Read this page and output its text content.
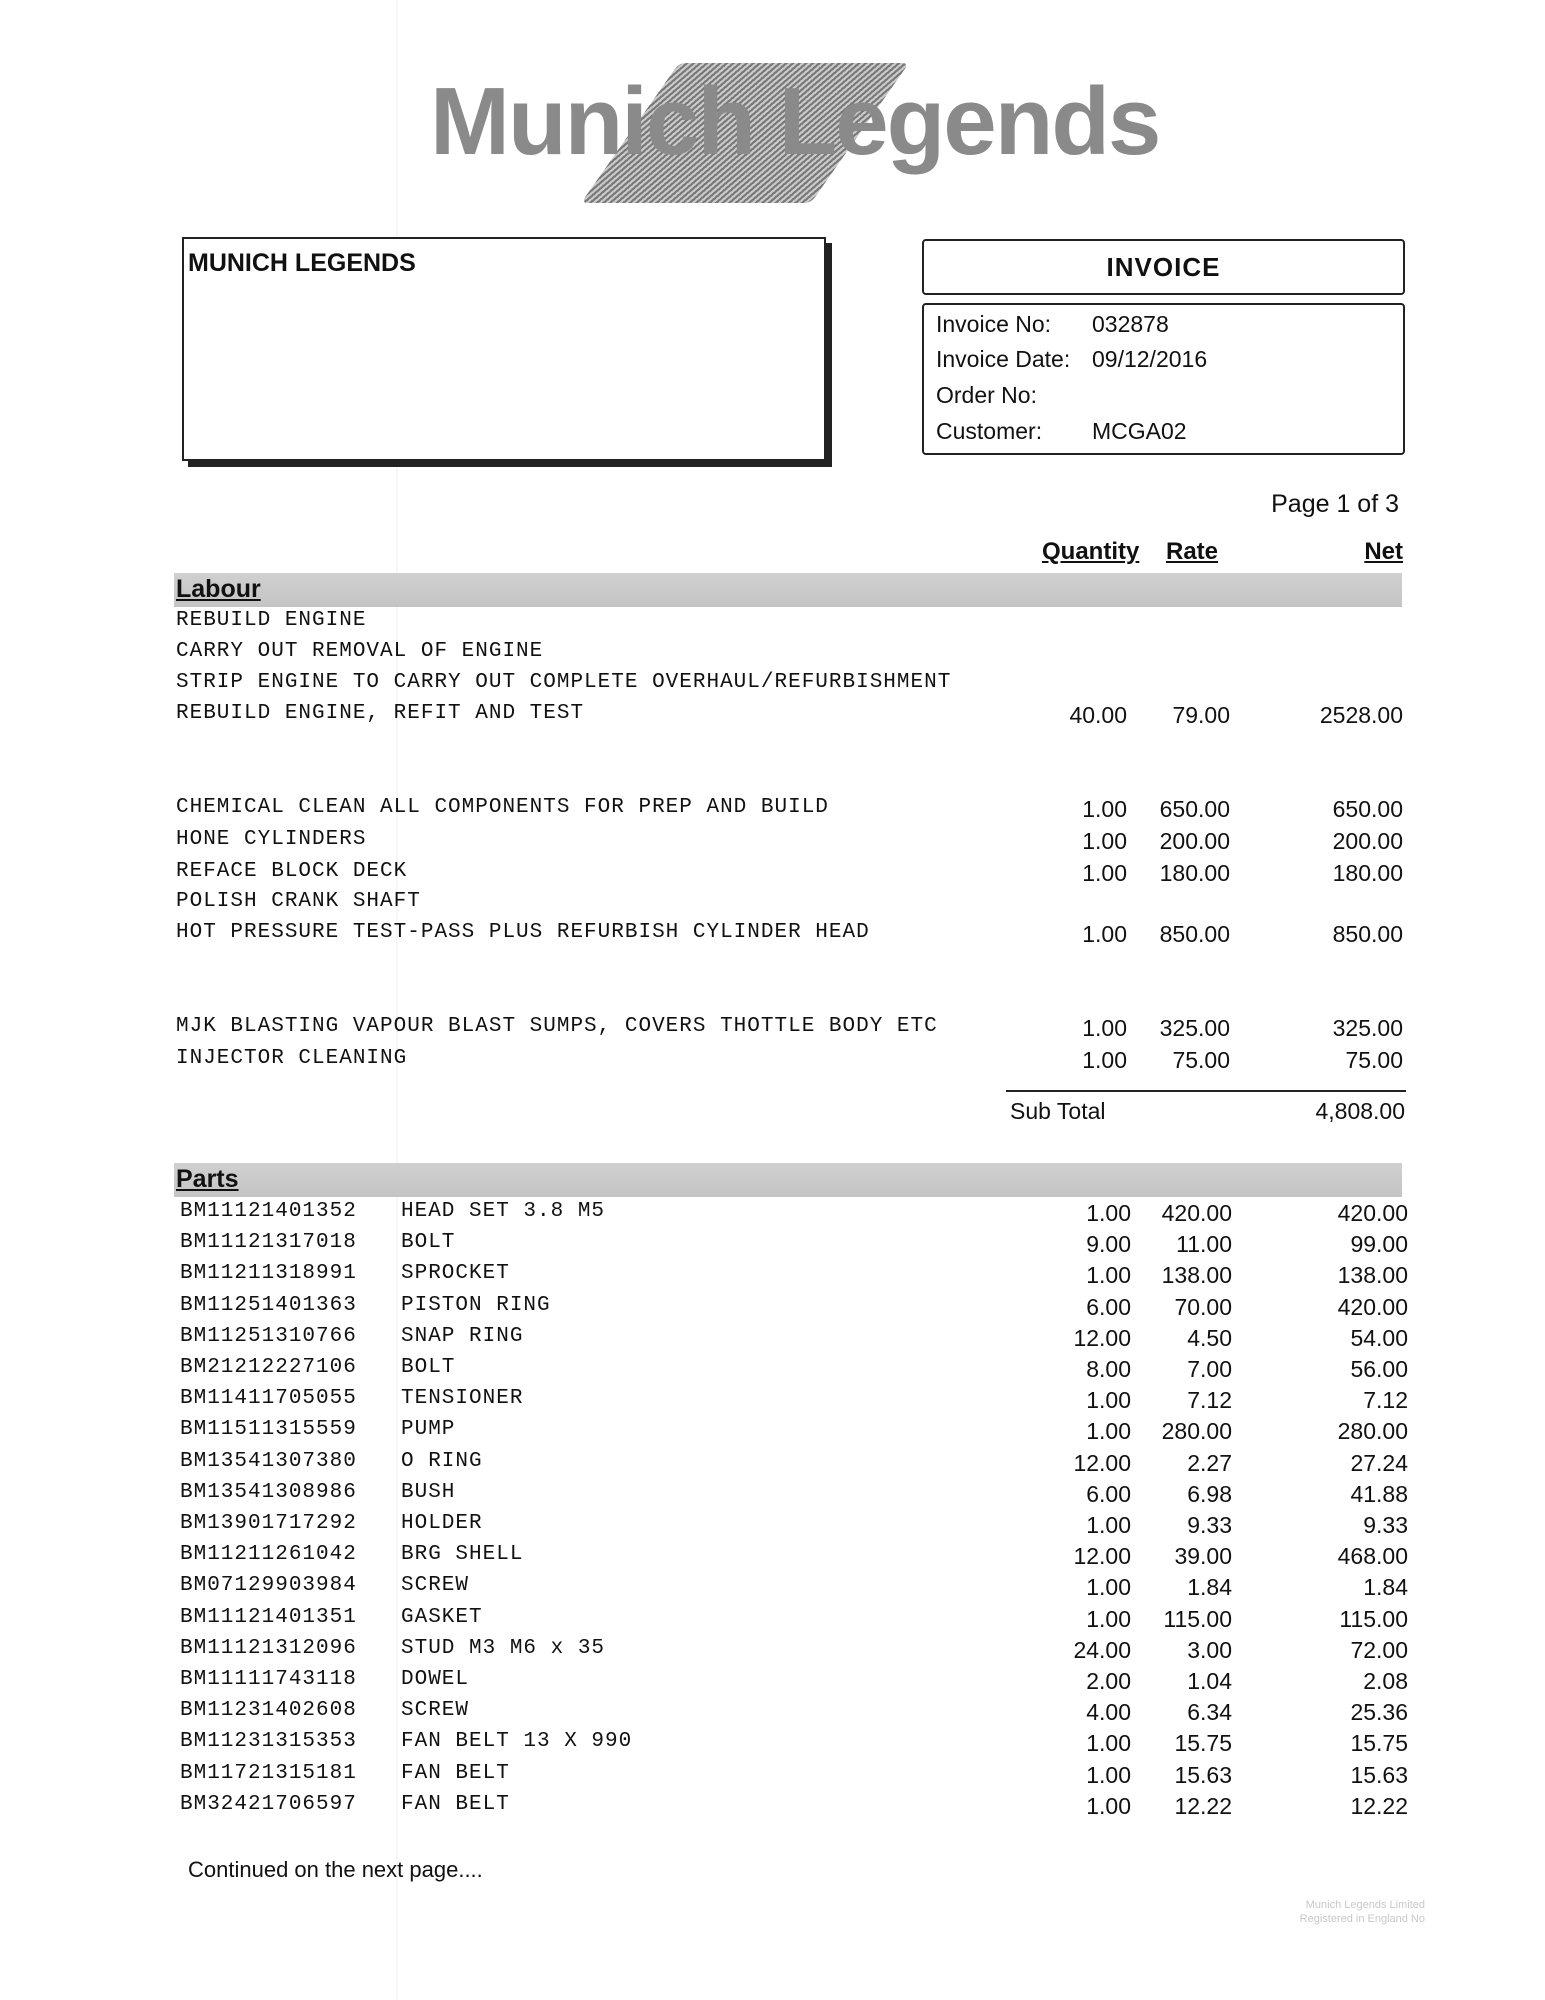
Munich Legends
MUNICH LEGENDS	INVOICE
Invoice No: 032878
Invoice Date: 09/12/2016
Order No:
Customer: MCGA02
Page 1 of 3
Quantity Rate	Net
Labour
REBUILD ENGINE
CARRY OUT REMOVAL OF ENGINE
STRIP ENGINE TO CARRY OUT COMPLETE OVERHAUL/REFURBISHMENT
REBUILD ENGINE, REFIT AND TEST	40.00 79.00	2528.00
CHEMICAL CLEAN ALL COMPONENTS FOR PREP AND BUILD	1.00 650.00	650.00
HONE CYLINDERS	1.00 200.00	200.00
REFACE BLOCK DECK	1.00 180.00	180.00
POLISH CRANK SHAFT
HOT PRESSURE TEST-PASS PLUS REFURBISH CYLINDER HEAD	1.00 850.00	850.00
MJK BLASTING VAPOUR BLAST SUMPS, COVERS THOTTLE BODY ETC	1.00 325.00	325.00
INJECTOR CLEANING	1.00 75.00	75.00
Sub Total	4,808.00
Parts
BM11121401352 HEAD SET 3.8 M5	1.00 420.00	420.00
BM11121317018 BOLT	9.00 11.00	99.00
BM11211318991 SPROCKET	1.00 138.00	138.00
BM11251401363 PISTON RING	6.00 70.00	420.00
BM11251310766 SNAP RING	12.00 4.50	54.00
BM21212227106 BOLT	8.00 7.00	56.00
BM11411705055 TENSIONER	1.00 7.12	7.12
BM11511315559 PUMP	1.00 280.00	280.00
BM13541307380 O RING	12.00 2.27	27.24
BM13541308986 BUSH	6.00 6.98	41.88
BM13901717292 HOLDER	1.00 9.33	9.33
BM11211261042 BRG SHELL	12.00 39.00	468.00
BM07129903984 SCREW	1.00 1.84	1.84
BM11121401351 GASKET	1.00 115.00	115.00
BM11121312096 STUD M3 M6 x 35	24.00 3.00	72.00
BM11111743118 DOWEL	2.00 1.04	2.08
BM11231402608 SCREW	4.00 6.34	25.36
BM11231315353 FAN BELT 13 X 990	1.00 15.75	15.75
BM11721315181 FAN BELT	1.00 15.63	15.63
BM32421706597 FAN BELT	1.00 12.22	12.22
Continued on the next page....
Munich Legends Limited
Registered in England No
